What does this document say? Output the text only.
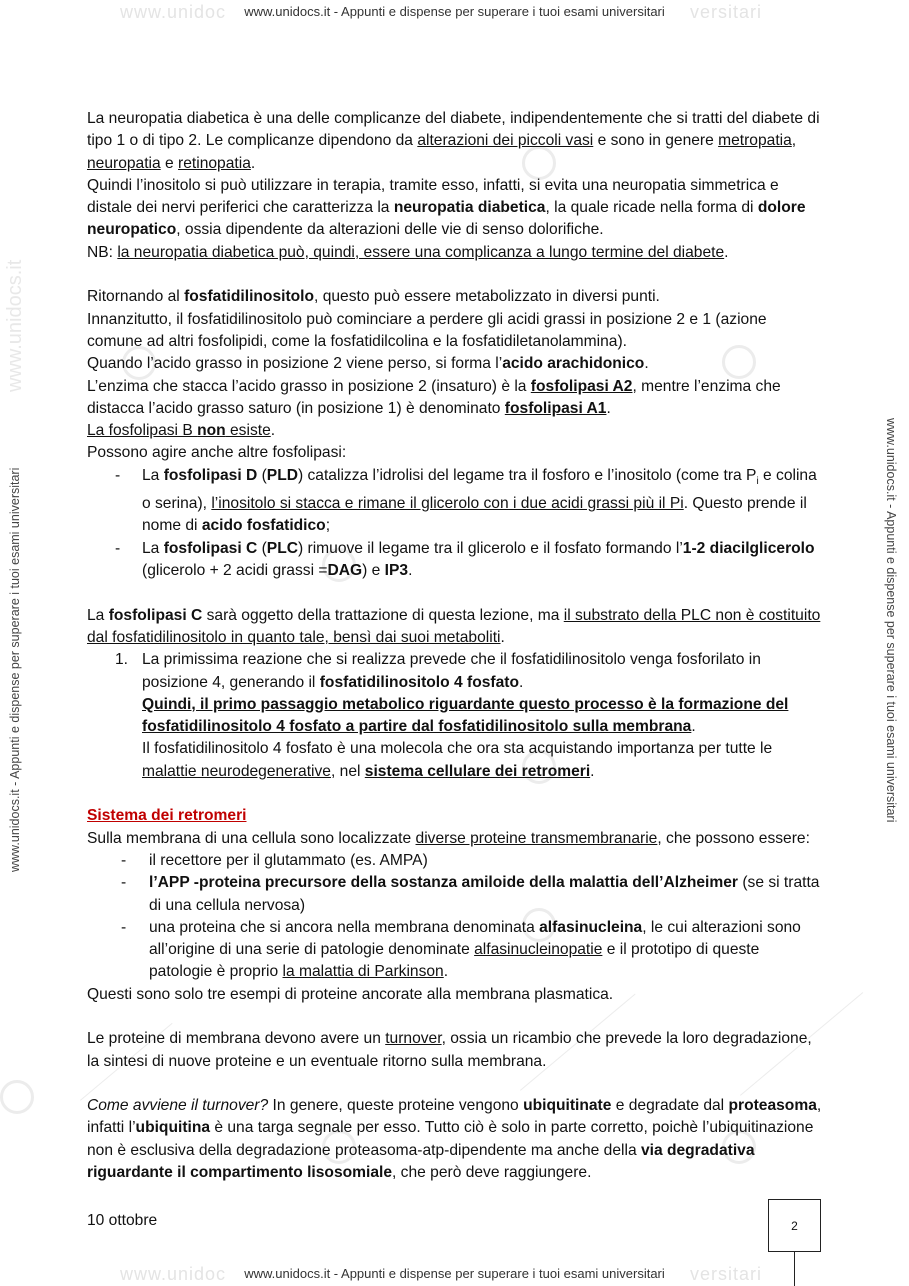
www.unidoc	versitari
www.unidoc	versitari
www.unidocs.it
www.unidocs.it - Appunti e dispense per superare i tuoi esami universitari
www.unidocs.it - Appunti e dispense per superare i tuoi esami universitari
www.unidocs.it - Appunti e dispense per superare i tuoi esami universitari	www.unidocs.it - Appunti e dispense per superare i tuoi esami universitari

La neuropatia diabetica è una delle complicanze del diabete, indipendentemente che si tratti del diabete di tipo 1 o di tipo 2. Le complicanze dipendono da alterazioni dei piccoli vasi e sono in genere metropatia, neuropatia e retinopatia.

Quindi l’inositolo si può utilizzare in terapia, tramite esso, infatti, si evita una neuropatia simmetrica e distale dei nervi periferici che caratterizza la neuropatia diabetica, la quale ricade nella forma di dolore neuropatico, ossia dipendente da alterazioni delle vie di senso dolorifiche.

NB: la neuropatia diabetica può, quindi, essere una complicanza a lungo termine del diabete.

Ritornando al fosfatidilinositolo, questo può essere metabolizzato in diversi punti.

Innanzitutto, il fosfatidilinositolo può cominciare a perdere gli acidi grassi in posizione 2 e 1 (azione comune ad altri fosfolipidi, come la fosfatidilcolina e la fosfatidiletanolammina).

Quando l’acido grasso in posizione 2 viene perso, si forma l’acido arachidonico.

L’enzima che stacca l’acido grasso in posizione 2 (insaturo) è la fosfolipasi A2, mentre l’enzima che distacca l’acido grasso saturo (in posizione 1) è denominato fosfolipasi A1.

La fosfolipasi B non esiste.

Possono agire anche altre fosfolipasi:

- La fosfolipasi D (PLD) catalizza l’idrolisi del legame tra il fosforo e l’inositolo (come tra $P_i$ e colina o serina), l’inositolo si stacca e rimane il glicerolo con i due acidi grassi più il Pi. Questo prende il nome di acido fosfatidico;
- La fosfolipasi C (PLC) rimuove il legame tra il glicerolo e il fosfato formando l’1-2 diacilglicerolo (glicerolo + 2 acidi grassi =DAG) e IP3.

La fosfolipasi C sarà oggetto della trattazione di questa lezione, ma il substrato della PLC non è costituito dal fosfatidilinositolo in quanto tale, bensì dai suoi metaboliti.

1. La primissima reazione che si realizza prevede che il fosfatidilinositolo venga fosforilato in posizione 4, generando il fosfatidilinositolo 4 fosfato.
Quindi, il primo passaggio metabolico riguardante questo processo è la formazione del fosfatidilinositolo 4 fosfato a partire dal fosfatidilinositolo sulla membrana.
Il fosfatidilinositolo 4 fosfato è una molecola che ora sta acquistando importanza per tutte le malattie neurodegenerative, nel sistema cellulare dei retromeri.

Sistema dei retromeri

Sulla membrana di una cellula sono localizzate diverse proteine transmembranarie, che possono essere:

- il recettore per il glutammato (es. AMPA)
- l’APP -proteina precursore della sostanza amiloide della malattia dell’Alzheimer (se si tratta di una cellula nervosa)
- una proteina che si ancora nella membrana denominata alfasinucleina, le cui alterazioni sono all’origine di una serie di patologie denominate alfasinucleinopatie e il prototipo di queste patologie è proprio la malattia di Parkinson.

Questi sono solo tre esempi di proteine ancorate alla membrana plasmatica.

Le proteine di membrana devono avere un turnover, ossia un ricambio che prevede la loro degradazione, la sintesi di nuove proteine e un eventuale ritorno sulla membrana.

Come avviene il turnover? In genere, queste proteine vengono ubiquitinate e degradate dal proteasoma, infatti l’ubiquitina è una targa segnale per esso. Tutto ciò è solo in parte corretto, poichè l’ubiquitinazione non è esclusiva della degradazione proteasoma-atp-dipendente ma anche della via degradativa riguardante il compartimento lisosomiale, che però deve raggiungere.

10 ottobre	2
